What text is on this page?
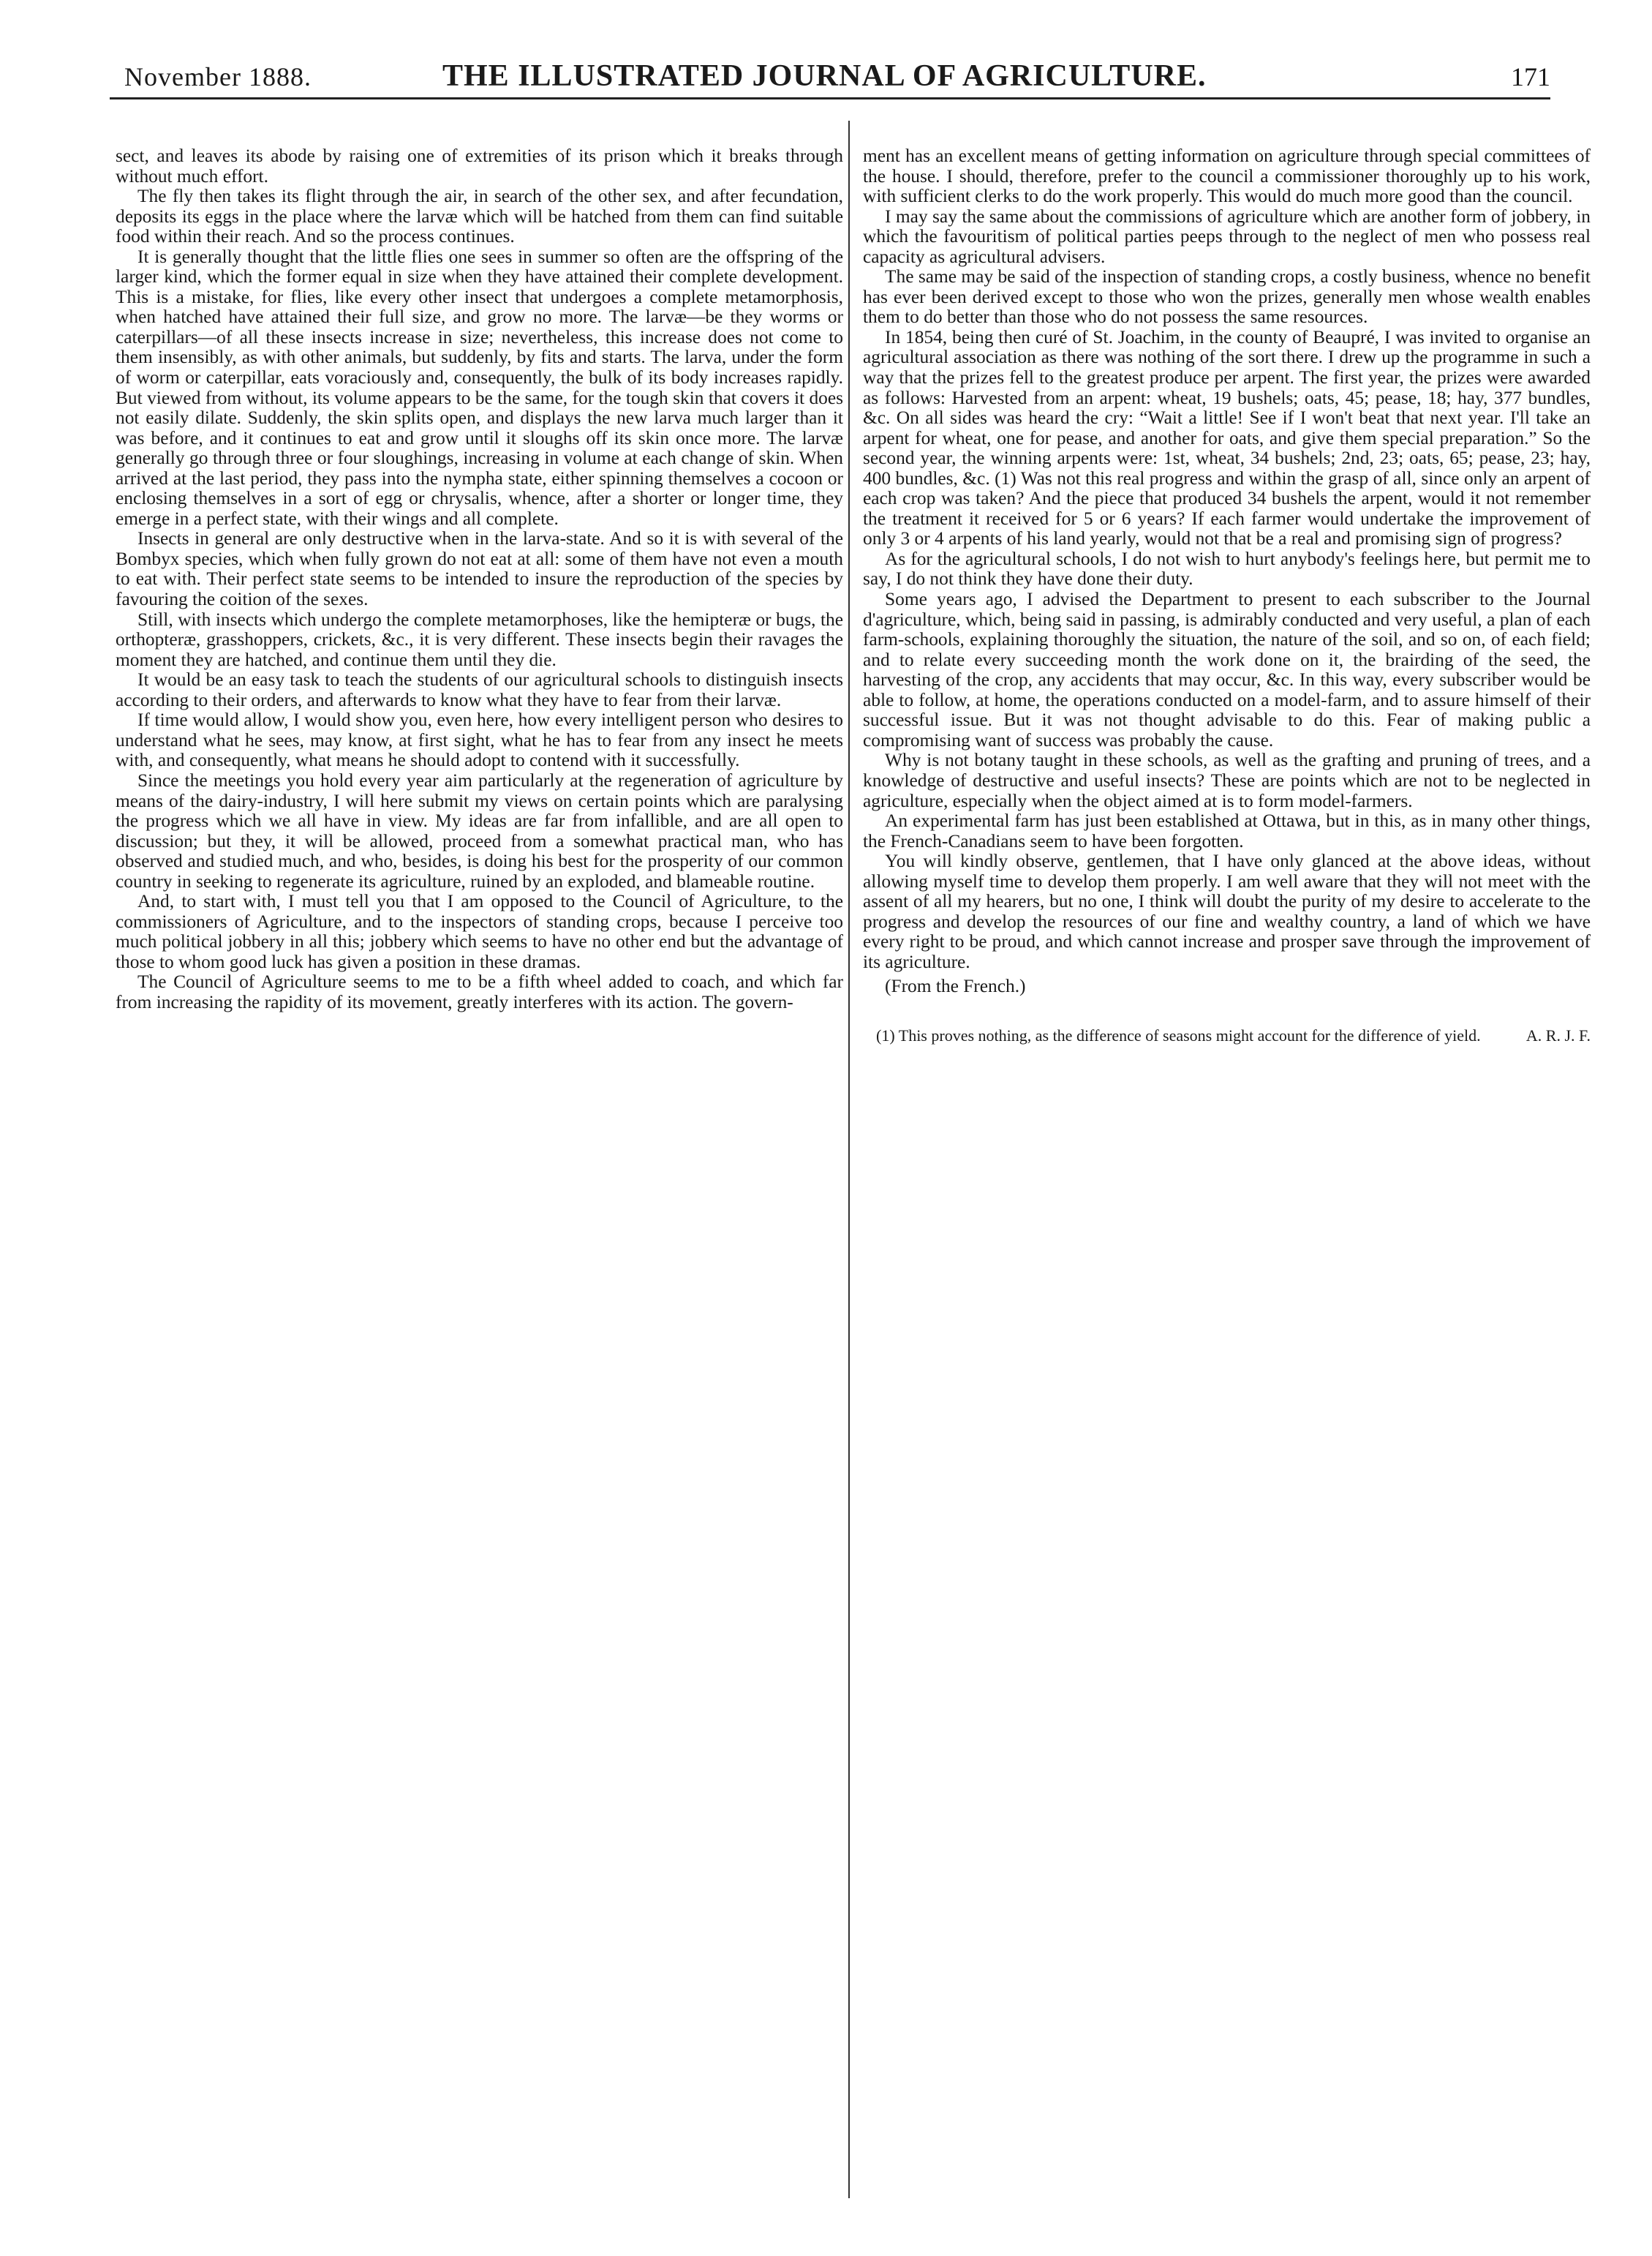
November 1888.	THE ILLUSTRATED JOURNAL OF AGRICULTURE.	171

sect, and leaves its abode by raising one of extremities of its prison which it breaks through without much effort.

The fly then takes its flight through the air, in search of the other sex, and after fecundation, deposits its eggs in the place where the larvæ which will be hatched from them can find suitable food within their reach. And so the process continues.

It is generally thought that the little flies one sees in summer so often are the offspring of the larger kind, which the former equal in size when they have attained their complete development. This is a mistake, for flies, like every other insect that undergoes a complete metamorphosis, when hatched have attained their full size, and grow no more. The larvæ—be they worms or caterpillars—of all these insects increase in size; nevertheless, this increase does not come to them insensibly, as with other animals, but suddenly, by fits and starts. The larva, under the form of worm or caterpillar, eats voraciously and, consequently, the bulk of its body increases rapidly. But viewed from without, its volume appears to be the same, for the tough skin that covers it does not easily dilate. Suddenly, the skin splits open, and displays the new larva much larger than it was before, and it continues to eat and grow until it sloughs off its skin once more. The larvæ generally go through three or four sloughings, increasing in volume at each change of skin. When arrived at the last period, they pass into the nympha state, either spinning themselves a cocoon or enclosing themselves in a sort of egg or chrysalis, whence, after a shorter or longer time, they emerge in a perfect state, with their wings and all complete.

Insects in general are only destructive when in the larva-state. And so it is with several of the Bombyx species, which when fully grown do not eat at all: some of them have not even a mouth to eat with. Their perfect state seems to be intended to insure the reproduction of the species by favouring the coition of the sexes.

Still, with insects which undergo the complete metamorphoses, like the hemipteræ or bugs, the orthopteræ, grasshoppers, crickets, &c., it is very different. These insects begin their ravages the moment they are hatched, and continue them until they die.

It would be an easy task to teach the students of our agricultural schools to distinguish insects according to their orders, and afterwards to know what they have to fear from their larvæ.

If time would allow, I would show you, even here, how every intelligent person who desires to understand what he sees, may know, at first sight, what he has to fear from any insect he meets with, and consequently, what means he should adopt to contend with it successfully.

Since the meetings you hold every year aim particularly at the regeneration of agriculture by means of the dairy-industry, I will here submit my views on certain points which are paralysing the progress which we all have in view. My ideas are far from infallible, and are all open to discussion; but they, it will be allowed, proceed from a somewhat practical man, who has observed and studied much, and who, besides, is doing his best for the prosperity of our common country in seeking to regenerate its agriculture, ruined by an exploded, and blameable routine.

And, to start with, I must tell you that I am opposed to the Council of Agriculture, to the commissioners of Agriculture, and to the inspectors of standing crops, because I perceive too much political jobbery in all this; jobbery which seems to have no other end but the advantage of those to whom good luck has given a position in these dramas.

The Council of Agriculture seems to me to be a fifth wheel added to coach, and which far from increasing the rapidity of its movement, greatly interferes with its action. The govern-

ment has an excellent means of getting information on agriculture through special committees of the house. I should, therefore, prefer to the council a commissioner thoroughly up to his work, with sufficient clerks to do the work properly. This would do much more good than the council.

I may say the same about the commissions of agriculture which are another form of jobbery, in which the favouritism of political parties peeps through to the neglect of men who possess real capacity as agricultural advisers.

The same may be said of the inspection of standing crops, a costly business, whence no benefit has ever been derived except to those who won the prizes, generally men whose wealth enables them to do better than those who do not possess the same resources.

In 1854, being then curé of St. Joachim, in the county of Beaupré, I was invited to organise an agricultural association as there was nothing of the sort there. I drew up the programme in such a way that the prizes fell to the greatest produce per arpent. The first year, the prizes were awarded as follows: Harvested from an arpent: wheat, 19 bushels; oats, 45; pease, 18; hay, 377 bundles, &c. On all sides was heard the cry: “Wait a little! See if I won't beat that next year. I'll take an arpent for wheat, one for pease, and another for oats, and give them special preparation.” So the second year, the winning arpents were: 1st, wheat, 34 bushels; 2nd, 23; oats, 65; pease, 23; hay, 400 bundles, &c. (1) Was not this real progress and within the grasp of all, since only an arpent of each crop was taken? And the piece that produced 34 bushels the arpent, would it not remember the treatment it received for 5 or 6 years? If each farmer would undertake the improvement of only 3 or 4 arpents of his land yearly, would not that be a real and promising sign of progress?

As for the agricultural schools, I do not wish to hurt anybody's feelings here, but permit me to say, I do not think they have done their duty.

Some years ago, I advised the Department to present to each subscriber to the Journal d'agriculture, which, being said in passing, is admirably conducted and very useful, a plan of each farm-schools, explaining thoroughly the situation, the nature of the soil, and so on, of each field; and to relate every succeeding month the work done on it, the brairding of the seed, the harvesting of the crop, any accidents that may occur, &c. In this way, every subscriber would be able to follow, at home, the operations conducted on a model-farm, and to assure himself of their successful issue. But it was not thought advisable to do this. Fear of making public a compromising want of success was probably the cause.

Why is not botany taught in these schools, as well as the grafting and pruning of trees, and a knowledge of destructive and useful insects? These are points which are not to be neglected in agriculture, especially when the object aimed at is to form model-farmers.

An experimental farm has just been established at Ottawa, but in this, as in many other things, the French-Canadians seem to have been forgotten.

You will kindly observe, gentlemen, that I have only glanced at the above ideas, without allowing myself time to develop them properly. I am well aware that they will not meet with the assent of all my hearers, but no one, I think will doubt the purity of my desire to accelerate to the progress and develop the resources of our fine and wealthy country, a land of which we have every right to be proud, and which cannot increase and prosper save through the improvement of its agriculture.

(From the French.)

(1) This proves nothing, as the difference of seasons might account for the difference of yield.	A. R. J. F.
